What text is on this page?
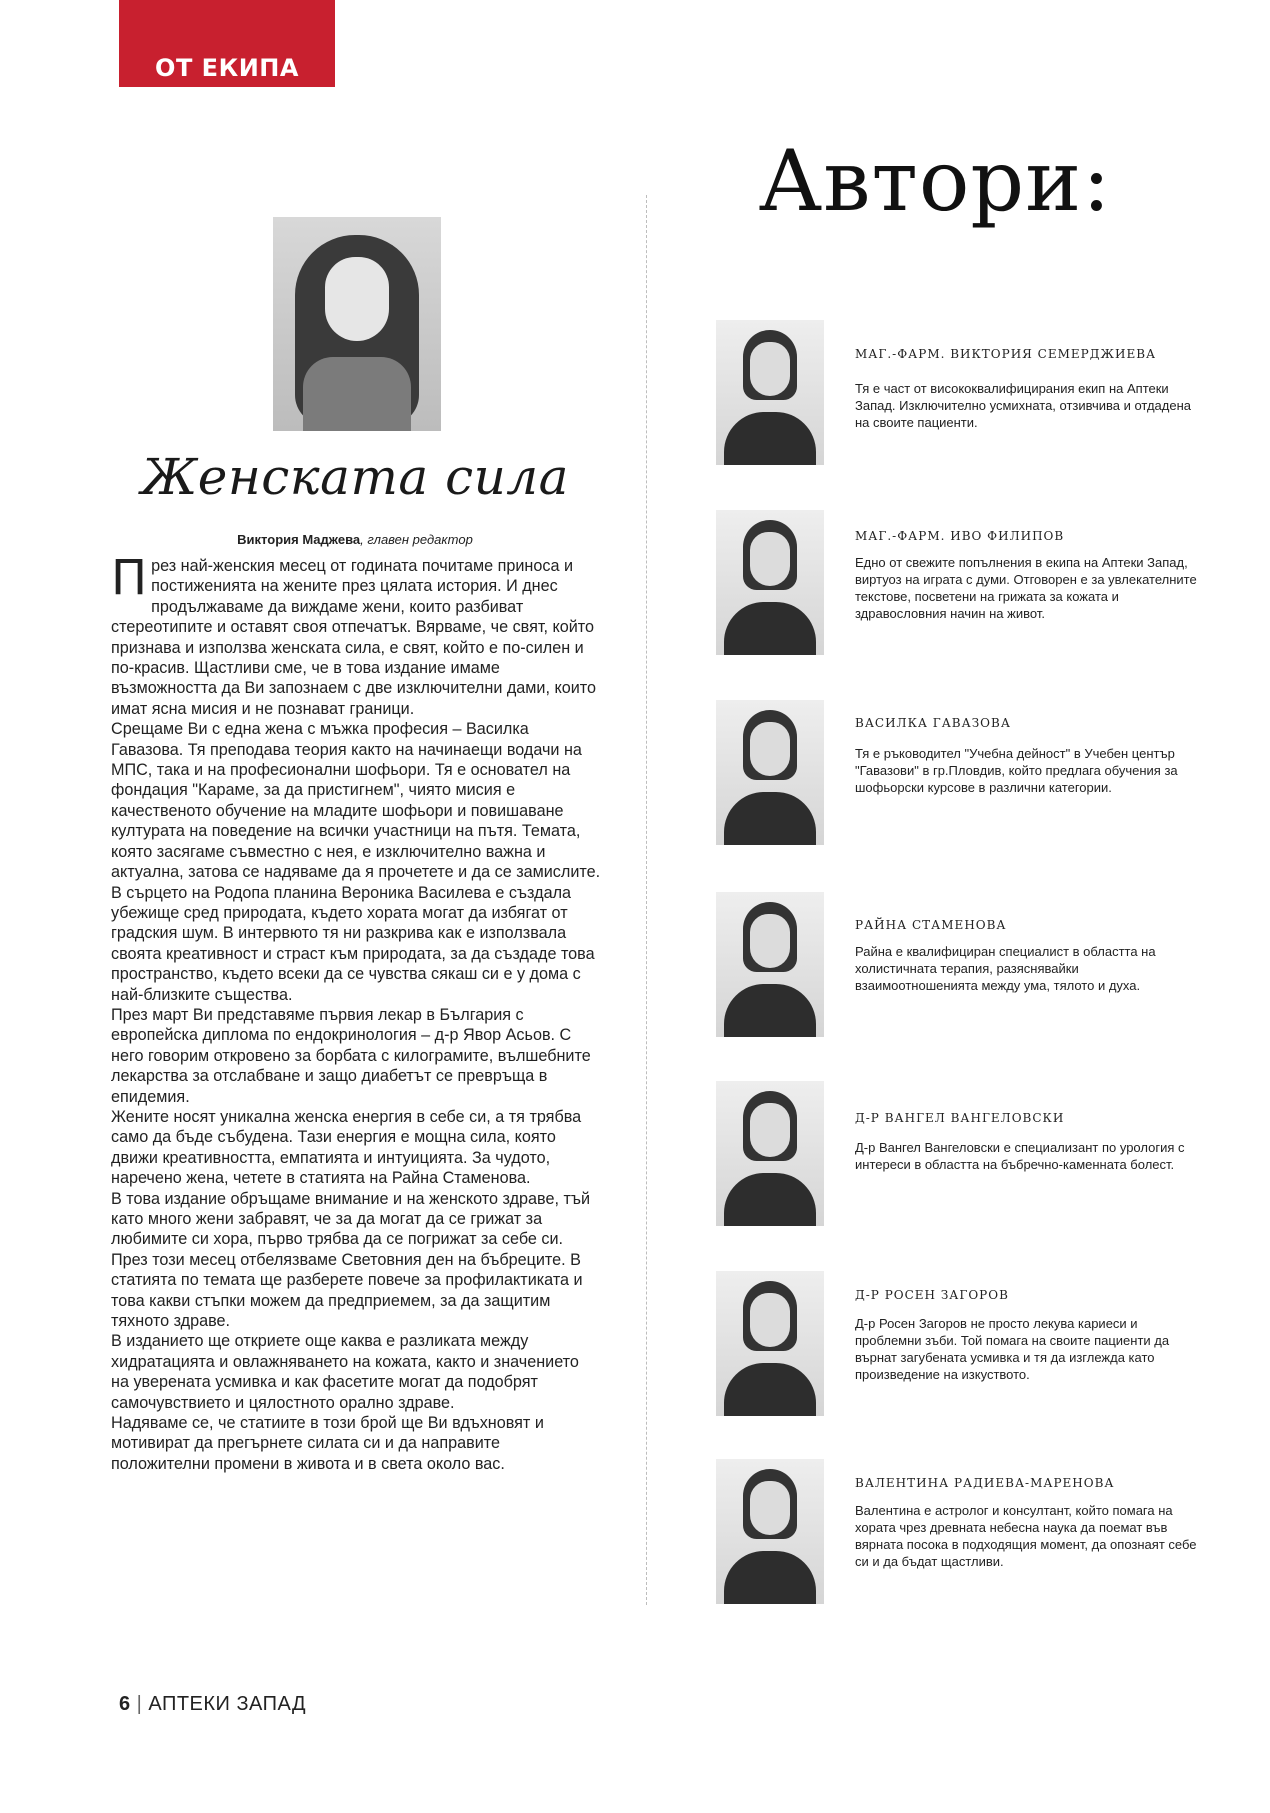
ОТ ЕКИПА
Женската сила
Виктория Маджева, главен редактор

През най-женския месец от годината почитаме приноса и постиженията на жените през цялата история. И днес продължаваме да виждаме жени, които разбиват стереотипите и оставят своя отпечатък. Вярваме, че свят, който признава и използва женската сила, е свят, който е по-силен и по-красив. Щастливи сме, че в това издание имаме възможността да Ви запознаем с две изключителни дами, които имат ясна мисия и не познават граници.

Срещаме Ви с една жена с мъжка професия – Василка Гавазова. Тя преподава теория както на начинаещи водачи на МПС, така и на професионални шофьори. Тя е основател на фондация "Караме, за да пристигнем", чиято мисия е качественото обучение на младите шофьори и повишаване културата на поведение на всички участници на пътя. Темата, която засягаме съвместно с нея, е изключително важна и актуална, затова се надяваме да я прочетете и да се замислите.

В сърцето на Родопа планина Вероника Василева е създала убежище сред природата, където хората могат да избягат от градския шум. В интервюто тя ни разкрива как е използвала своята креативност и страст към природата, за да създаде това пространство, където всеки да се чувства сякаш си е у дома с най-близките същества.

През март Ви представяме първия лекар в България с европейска диплома по ендокринология – д-р Явор Асьов. С него говорим откровено за борбата с килограмите, вълшебните лекарства за отслабване и защо диабетът се превръща в епидемия.

Жените носят уникална женска енергия в себе си, а тя трябва само да бъде събудена. Тази енергия е мощна сила, която движи креативността, емпатията и интуицията. За чудото, наречено жена, четете в статията на Райна Стаменова.

В това издание обръщаме внимание и на женското здраве, тъй като много жени забравят, че за да могат да се грижат за любимите си хора, първо трябва да се погрижат за себе си.

През този месец отбелязваме Световния ден на бъбреците. В статията по темата ще разберете повече за профилактиката и това какви стъпки можем да предприемем, за да защитим тяхното здраве.

В изданието ще откриете още каква е разликата между хидратацията и овлажняването на кожата, както и значението на уверената усмивка и как фасетите могат да подобрят самочувствието и цялостното орално здраве.

Надяваме се, че статиите в този брой ще Ви вдъхновят и мотивират да прегърнете силата си и да направите положителни промени в живота и в света около вас.

Автори:
МАГ.-ФАРМ. ВИКТОРИЯ СЕМЕРДЖИЕВА

Тя е част от висококвалифицирания екип на Аптеки Запад. Изключително усмихната, отзивчива и отдадена на своите пациенти.

МАГ.-ФАРМ. ИВО ФИЛИПОВ

Едно от свежите попълнения в екипа на Аптеки Запад, виртуоз на играта с думи. Отговорен е за увлекателните текстове, посветени на грижата за кожата и здравословния начин на живот.

ВАСИЛКА ГАВАЗОВА

Тя е ръководител "Учебна дейност" в Учебен център "Гавазови" в гр.Пловдив, който предлага обучения за шофьорски курсове в различни категории.

РАЙНА СТАМЕНОВА

Райна е квалифициран специалист в областта на холистичната терапия, разяснявайки взаимоотношенията между ума, тялото и духа.

Д-Р ВАНГЕЛ ВАНГЕЛОВСКИ

Д-р Вангел Вангеловски е специализант по урология с интереси в областта на бъбречно-каменната болест.

Д-Р РОСЕН ЗАГОРОВ

Д-р Росен Загоров не просто лекува кариеси и проблемни зъби. Той помага на своите пациенти да върнат загубената усмивка и тя да изглежда като произведение на изкуството.

ВАЛЕНТИНА РАДИЕВА-МАРЕНОВА

Валентина е астролог и консултант, който помага на хората чрез древната небесна наука да поемат във вярната посока в подходящия момент, да опознаят себе си и да бъдат щастливи.

6 | АПТЕКИ ЗАПАД
